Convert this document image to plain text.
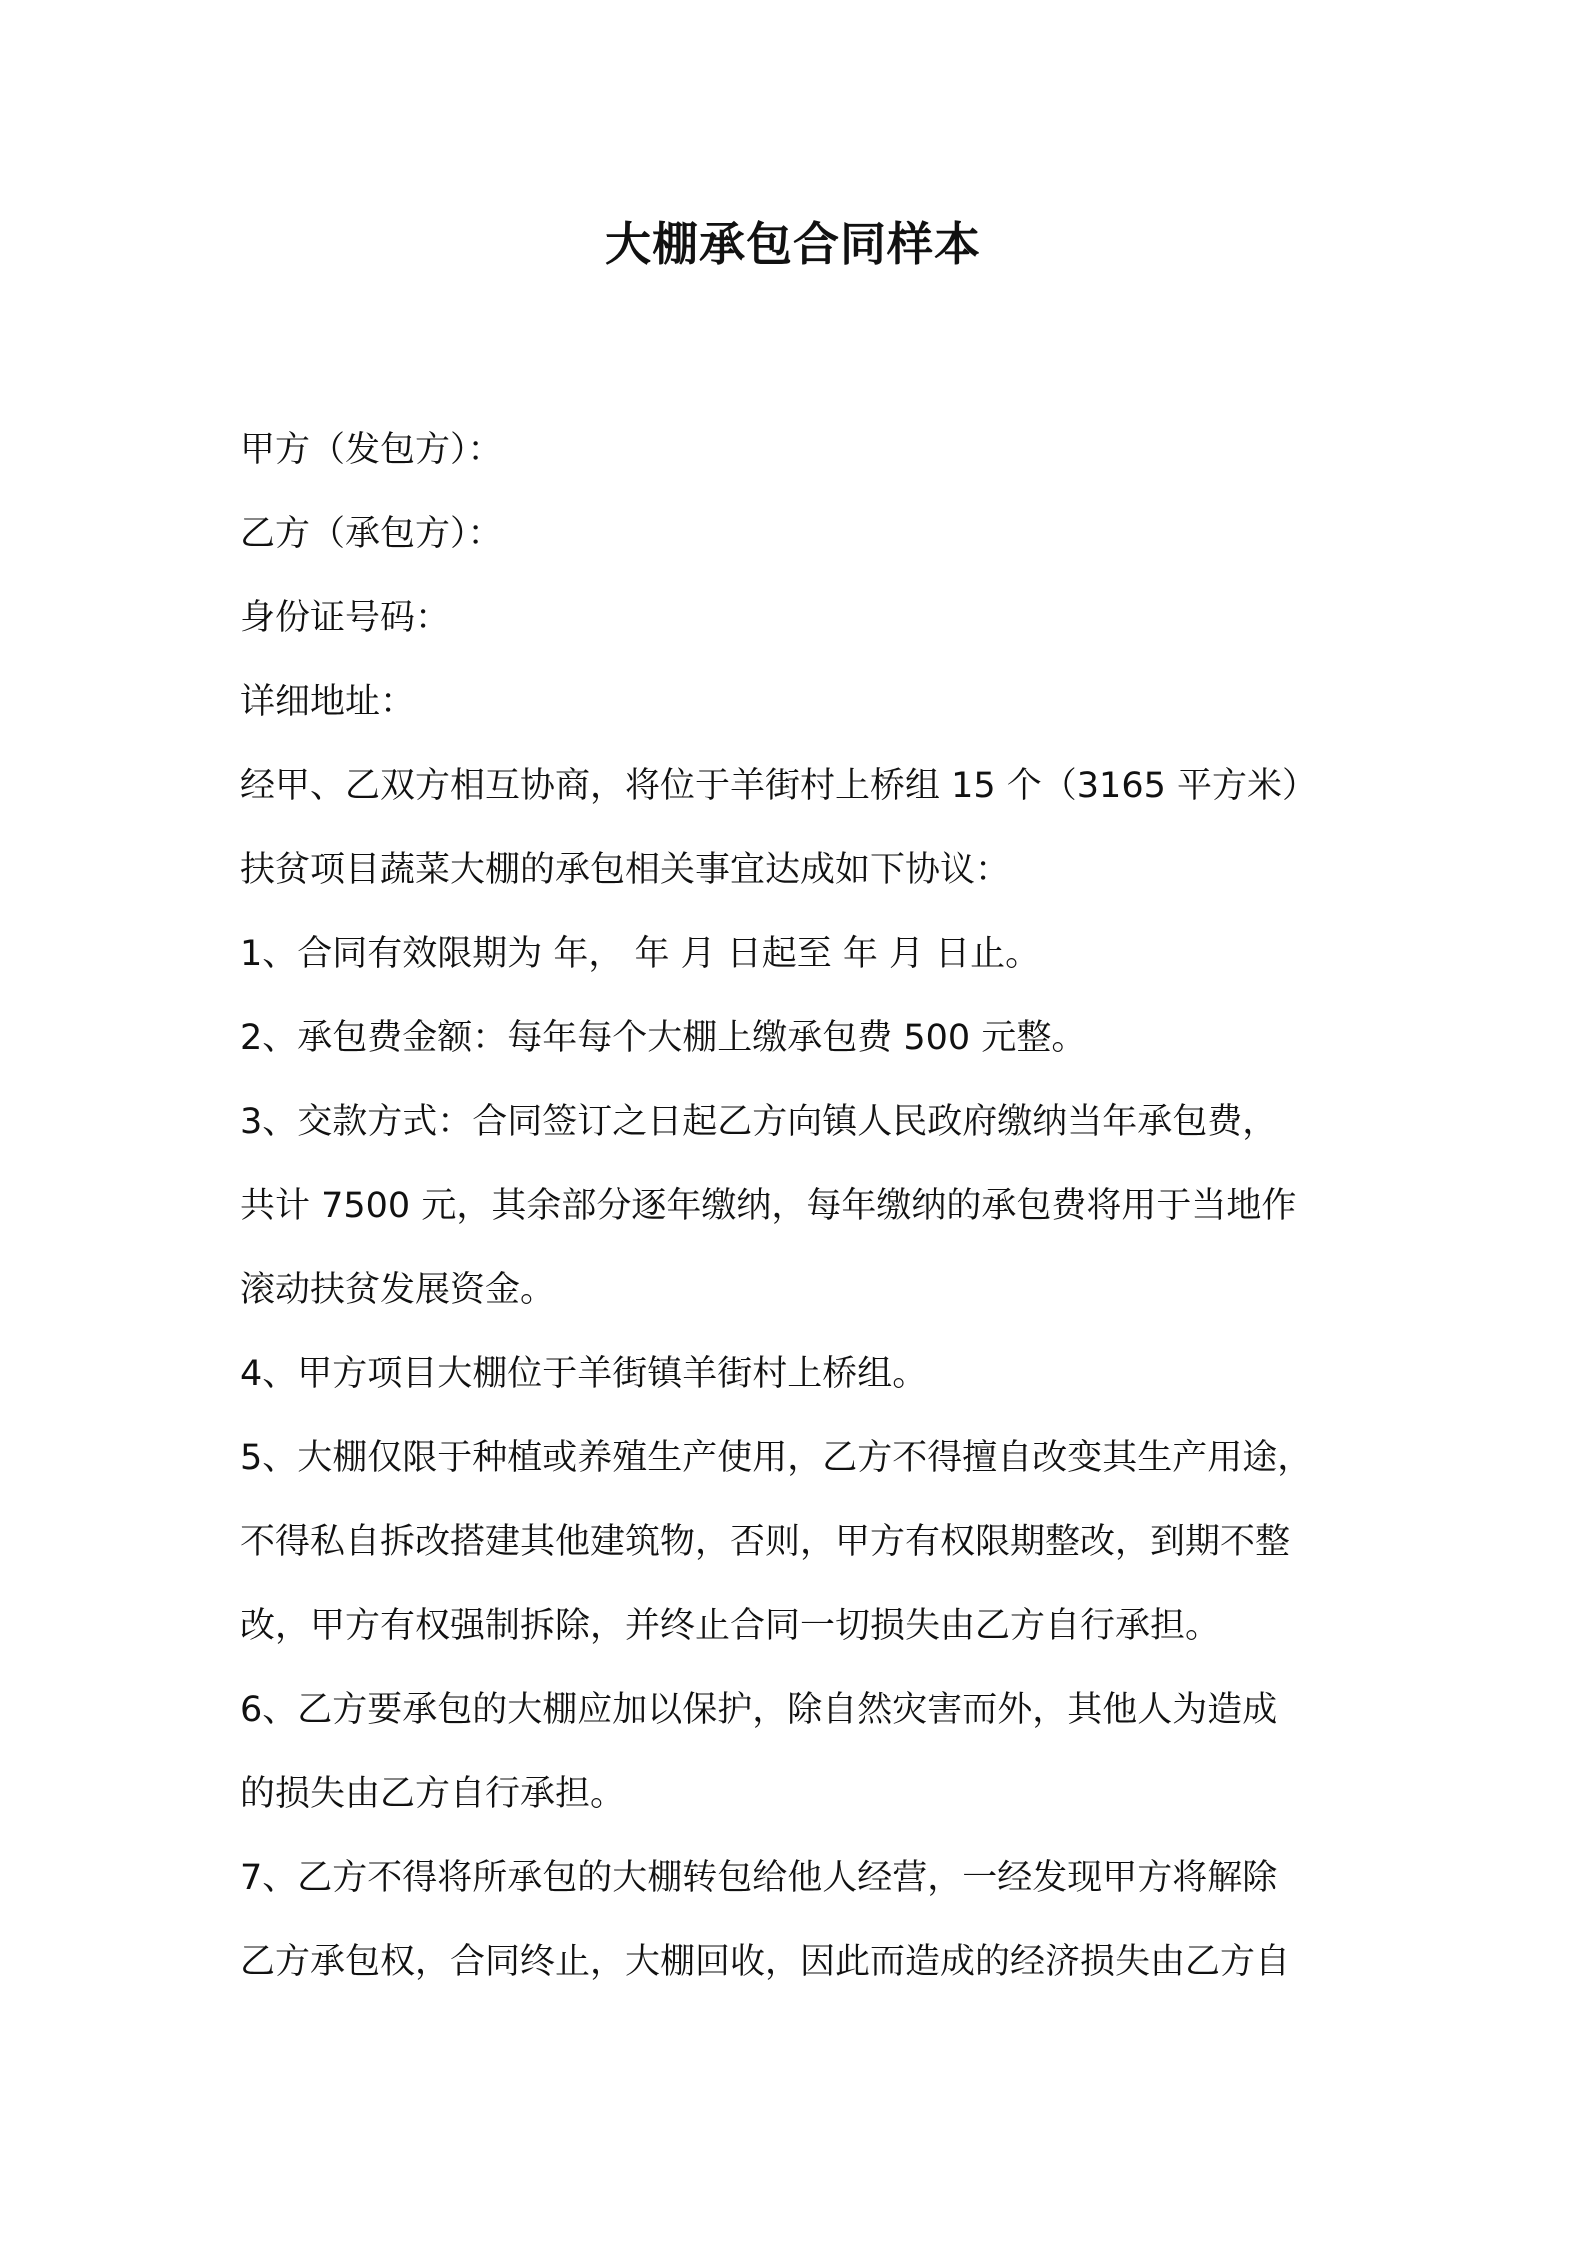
大棚承包合同样本
甲方（发包方）：
乙方（承包方）：
身份证号码：
详细地址：
经甲、乙双方相互协商，将位于羊街村上桥组 15 个（3165 平方米）
扶贫项目蔬菜大棚的承包相关事宜达成如下协议：
1、合同有效限期为 年， 年 月 日起至 年 月 日止。
2、承包费金额：每年每个大棚上缴承包费 500 元整。
3、交款方式：合同签订之日起乙方向镇人民政府缴纳当年承包费，
共计 7500 元，其余部分逐年缴纳，每年缴纳的承包费将用于当地作
滚动扶贫发展资金。
4、甲方项目大棚位于羊街镇羊街村上桥组。
5、大棚仅限于种植或养殖生产使用，乙方不得擅自改变其生产用途，
不得私自拆改搭建其他建筑物，否则，甲方有权限期整改，到期不整
改，甲方有权强制拆除，并终止合同一切损失由乙方自行承担。
6、乙方要承包的大棚应加以保护，除自然灾害而外，其他人为造成
的损失由乙方自行承担。
7、乙方不得将所承包的大棚转包给他人经营，一经发现甲方将解除
乙方承包权，合同终止，大棚回收，因此而造成的经济损失由乙方自
